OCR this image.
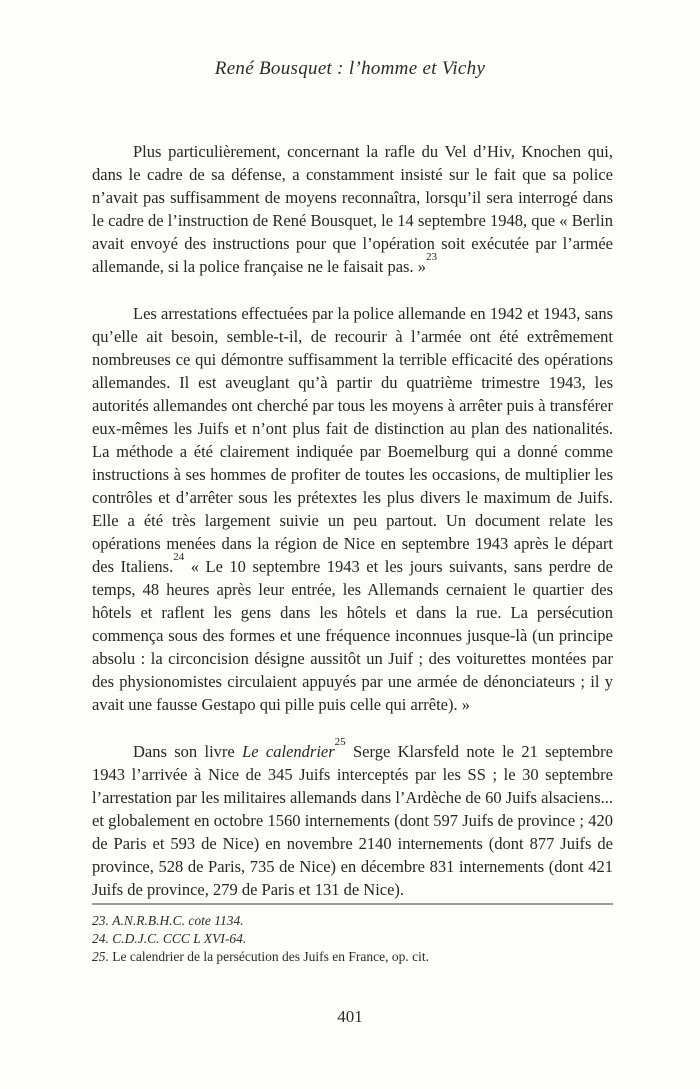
René Bousquet : l’homme et Vichy

Plus particulièrement, concernant la rafle du Vel d’Hiv, Knochen qui, dans le cadre de sa défense, a constamment insisté sur le fait que sa police n’avait pas suffisamment de moyens reconnaîtra, lorsqu’il sera interrogé dans le cadre de l’instruction de René Bousquet, le 14 septembre 1948, que « Berlin avait envoyé des instructions pour que l’opération soit exécutée par l’armée allemande, si la police française ne le faisait pas. »$^{23}$

Les arrestations effectuées par la police allemande en 1942 et 1943, sans qu’elle ait besoin, semble-t-il, de recourir à l’armée ont été extrêmement nombreuses ce qui démontre suffisamment la terrible efficacité des opérations allemandes. Il est aveuglant qu’à partir du quatrième trimestre 1943, les autorités allemandes ont cherché par tous les moyens à arrêter puis à transférer eux-mêmes les Juifs et n’ont plus fait de distinction au plan des nationalités. La méthode a été clairement indiquée par Boemelburg qui a donné comme instructions à ses hommes de profiter de toutes les occasions, de multiplier les contrôles et d’arrêter sous les prétextes les plus divers le maximum de Juifs. Elle a été très largement suivie un peu partout. Un document relate les opérations menées dans la région de Nice en septembre 1943 après le départ des Italiens.$^{24}$ « Le 10 septembre 1943 et les jours suivants, sans perdre de temps, 48 heures après leur entrée, les Allemands cernaient le quartier des hôtels et raflent les gens dans les hôtels et dans la rue. La persécution commença sous des formes et une fréquence inconnues jusque-là (un principe absolu : la circoncision désigne aussitôt un Juif ; des voiturettes montées par des physionomistes circulaient appuyés par une armée de dénonciateurs ; il y avait une fausse Gestapo qui pille puis celle qui arrête). »

Dans son livre Le calendrier$^{25}$ Serge Klarsfeld note le 21 septembre 1943 l’arrivée à Nice de 345 Juifs interceptés par les SS ; le 30 septembre l’arrestation par les militaires allemands dans l’Ardèche de 60 Juifs alsaciens... et globalement en octobre 1560 internements (dont 597 Juifs de province ; 420 de Paris et 593 de Nice) en novembre 2140 internements (dont 877 Juifs de province, 528 de Paris, 735 de Nice) en décembre 831 internements (dont 421 Juifs de province, 279 de Paris et 131 de Nice).

23. A.N.R.B.H.C. cote 1134.
24. C.D.J.C. CCC L XVI-64.
25. Le calendrier de la persécution des Juifs en France, op. cit.
401
